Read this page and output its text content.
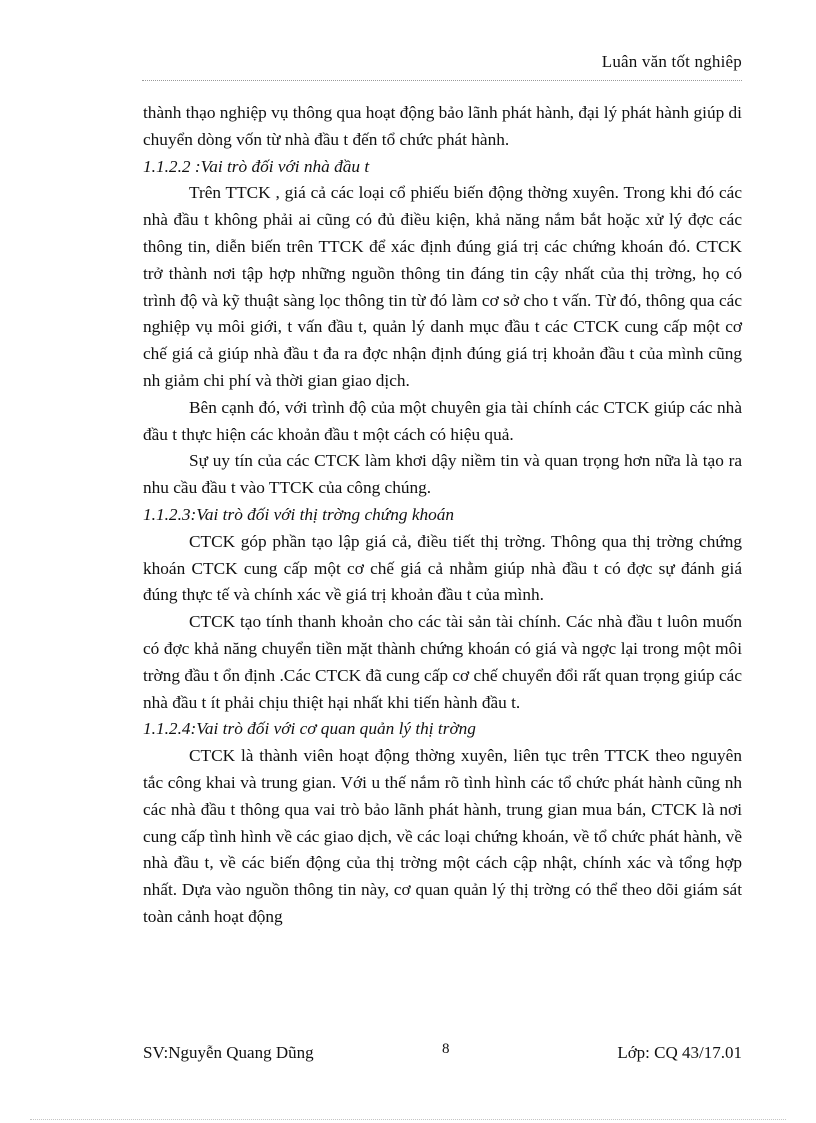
Luân văn tốt nghiêp

thành thạo nghiệp vụ thông qua hoạt động bảo lãnh phát hành, đại lý phát hành giúp di chuyển dòng vốn từ nhà đầu t đến tổ chức phát hành.

1.1.2.2 :Vai trò đối với nhà đầu t

Trên TTCK , giá cả các loại cổ phiếu biến động thờng xuyên. Trong khi đó các nhà đầu t không phải ai cũng có đủ điều kiện, khả năng nắm bắt hoặc xử lý đợc các thông tin, diễn biến trên TTCK để xác định đúng giá trị các chứng khoán đó. CTCK trở thành nơi tập hợp những nguồn thông tin đáng tin cậy nhất của thị trờng, họ có trình độ và kỹ thuật sàng lọc thông tin từ đó làm cơ sở cho t vấn. Từ đó, thông qua các nghiệp vụ môi giới, t vấn đầu t, quản lý danh mục đầu t các CTCK cung cấp một cơ chế giá cả giúp nhà đầu t đa ra đợc nhận định đúng giá trị khoản đầu t của mình cũng nh giảm chi phí và thời gian giao dịch.

Bên cạnh đó, với trình độ của một chuyên gia tài chính các CTCK giúp các nhà đầu t thực hiện các khoản đầu t một cách có hiệu quả.

Sự uy tín của các CTCK làm khơi dậy niềm tin và quan trọng hơn nữa là tạo ra nhu cầu đầu t vào TTCK của công chúng.

1.1.2.3:Vai trò đối với thị trờng chứng khoán

CTCK góp phần tạo lập giá cả, điều tiết thị trờng. Thông qua thị trờng chứng khoán CTCK cung cấp một cơ chế giá cả nhằm giúp nhà đầu t có đợc sự đánh giá đúng thực tế và chính xác về giá trị khoản đầu t của mình.

CTCK tạo tính thanh khoản cho các tài sản tài chính. Các nhà đầu t luôn muốn có đợc khả năng chuyển tiền mặt thành chứng khoán có giá và ngợc lại trong một môi trờng đầu t ổn định .Các CTCK đã cung cấp cơ chế chuyển đổi rất quan trọng giúp các nhà đầu t ít phải chịu thiệt hại nhất khi tiến hành đầu t.

1.1.2.4:Vai trò đối với cơ quan quản lý thị trờng

CTCK là thành viên hoạt động thờng xuyên, liên tục trên TTCK theo nguyên tắc công khai và trung gian. Với u thế nắm rõ tình hình các tổ chức phát hành cũng nh các nhà đầu t thông qua vai trò bảo lãnh phát hành, trung gian mua bán, CTCK là nơi cung cấp tình hình về các giao dịch, về các loại chứng khoán, về tổ chức phát hành, về nhà đầu t, về các biến động của thị trờng một cách cập nhật, chính xác và tổng hợp nhất. Dựa vào nguồn thông tin này, cơ quan quản lý thị trờng có thể theo dõi giám sát toàn cảnh hoạt động

SV:Nguyễn Quang Dũng	8	Lớp: CQ 43/17.01
